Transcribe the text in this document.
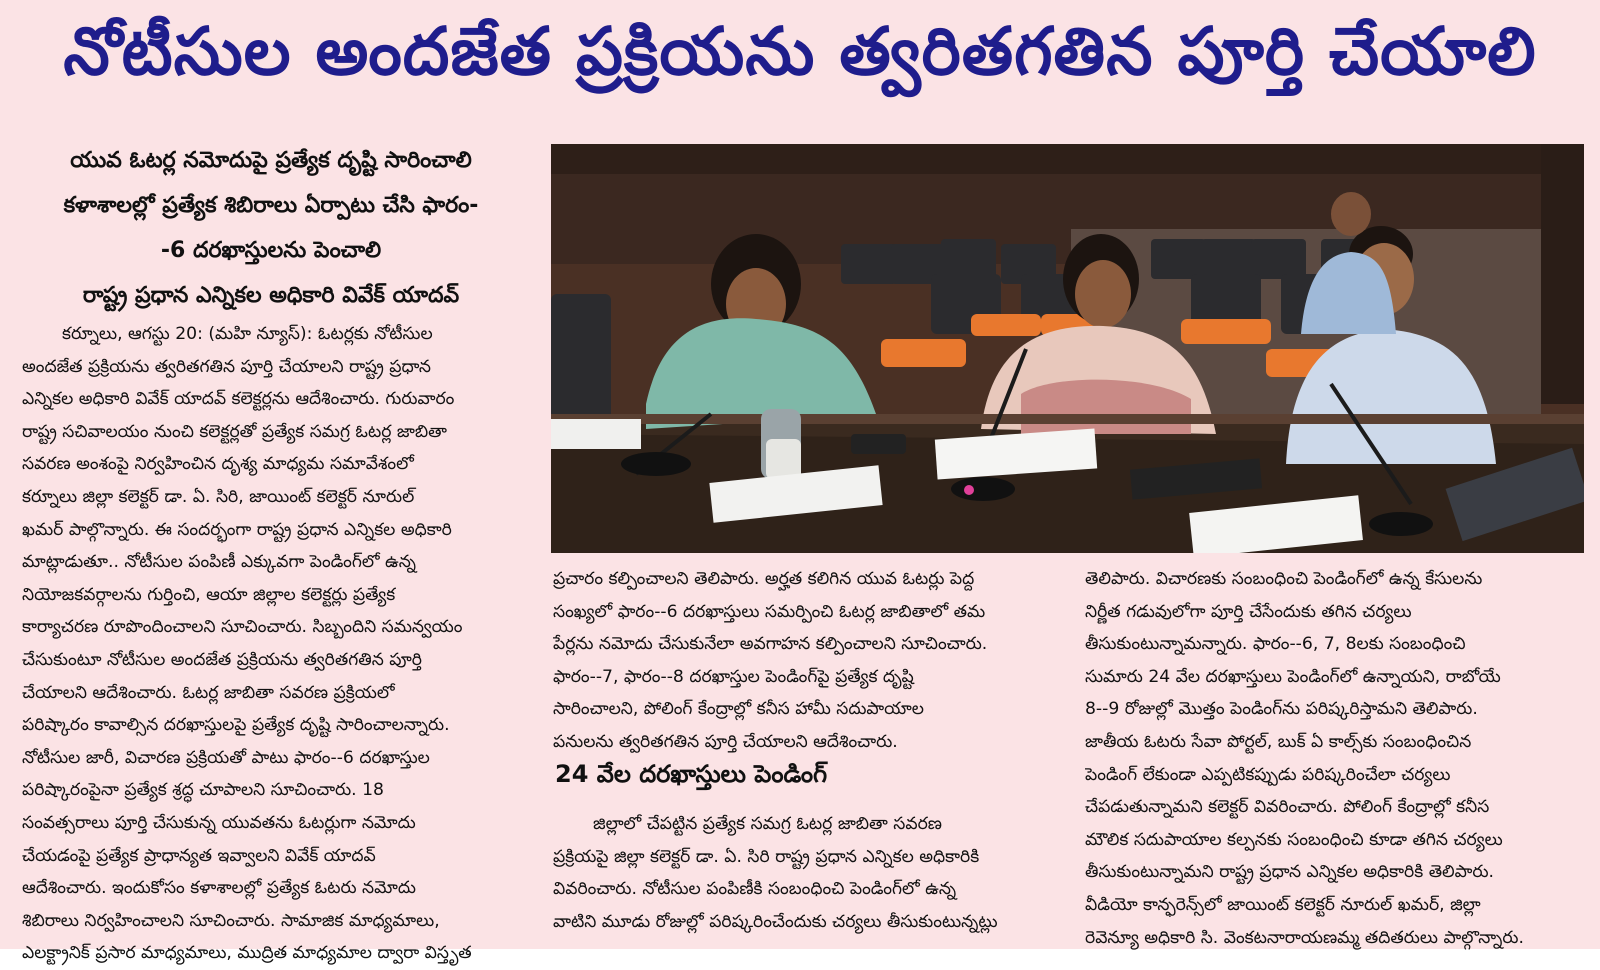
నోటీసుల అందజేత ప్రక్రియను త్వరితగతిన పూర్తి చేయాలి
యువ ఓటర్ల నమోదుపై ప్రత్యేక దృష్టి సారించాలి
కళాశాలల్లో ప్రత్యేక శిబిరాలు ఏర్పాటు చేసి ఫారం-
-6 దరఖాస్తులను పెంచాలి
రాష్ట్ర ప్రధాన ఎన్నికల అధికారి వివేక్ యాదవ్
కర్నూలు, ఆగస్టు 20: (మహి న్యూస్): ఓటర్లకు నోటీసుల
అందజేత ప్రక్రియను త్వరితగతిన పూర్తి చేయాలని రాష్ట్ర ప్రధాన
ఎన్నికల అధికారి వివేక్ యాదవ్ కలెక్టర్లను ఆదేశించారు. గురువారం
రాష్ట్ర సచివాలయం నుంచి కలెక్టర్లతో ప్రత్యేక సమగ్ర ఓటర్ల జాబితా
సవరణ అంశంపై నిర్వహించిన దృశ్య మాధ్యమ సమావేశంలో
కర్నూలు జిల్లా కలెక్టర్ డా. ఏ. సిరి, జాయింట్ కలెక్టర్ నూరుల్
ఖమర్ పాల్గొన్నారు. ఈ సందర్భంగా రాష్ట్ర ప్రధాన ఎన్నికల అధికారి
మాట్లాడుతూ.. నోటీసుల పంపిణీ ఎక్కువగా పెండింగ్‌లో ఉన్న
నియోజకవర్గాలను గుర్తించి, ఆయా జిల్లాల కలెక్టర్లు ప్రత్యేక
కార్యాచరణ రూపొందించాలని సూచించారు. సిబ్బందిని సమన్వయం
చేసుకుంటూ నోటీసుల అందజేత ప్రక్రియను త్వరితగతిన పూర్తి
చేయాలని ఆదేశించారు. ఓటర్ల జాబితా సవరణ ప్రక్రియలో
పరిష్కారం కావాల్సిన దరఖాస్తులపై ప్రత్యేక దృష్టి సారించాలన్నారు.
నోటీసుల జారీ, విచారణ ప్రక్రియతో పాటు ఫారం--6 దరఖాస్తుల
పరిష్కారంపైనా ప్రత్యేక శ్రద్ధ చూపాలని సూచించారు. 18
సంవత్సరాలు పూర్తి చేసుకున్న యువతను ఓటర్లుగా నమోదు
చేయడంపై ప్రత్యేక ప్రాధాన్యత ఇవ్వాలని వివేక్ యాదవ్
ఆదేశించారు. ఇందుకోసం కళాశాలల్లో ప్రత్యేక ఓటరు నమోదు
శిబిరాలు నిర్వహించాలని సూచించారు. సామాజిక మాధ్యమాలు,
ఎలక్ట్రానిక్ ప్రసార మాధ్యమాలు, ముద్రిత మాధ్యమాల ద్వారా విస్తృత
ప్రచారం కల్పించాలని తెలిపారు. అర్హత కలిగిన యువ ఓటర్లు పెద్ద
సంఖ్యలో ఫారం--6 దరఖాస్తులు సమర్పించి ఓటర్ల జాబితాలో తమ
పేర్లను నమోదు చేసుకునేలా అవగాహన కల్పించాలని సూచించారు.
ఫారం--7, ఫారం--8 దరఖాస్తుల పెండింగ్‌పై ప్రత్యేక దృష్టి
సారించాలని, పోలింగ్ కేంద్రాల్లో కనీస హామీ సదుపాయాల
పనులను త్వరితగతిన పూర్తి చేయాలని ఆదేశించారు.
24 వేల దరఖాస్తులు పెండింగ్
జిల్లాలో చేపట్టిన ప్రత్యేక సమగ్ర ఓటర్ల జాబితా సవరణ
ప్రక్రియపై జిల్లా కలెక్టర్ డా. ఏ. సిరి రాష్ట్ర ప్రధాన ఎన్నికల అధికారికి
వివరించారు. నోటీసుల పంపిణీకి సంబంధించి పెండింగ్‌లో ఉన్న
వాటిని మూడు రోజుల్లో పరిష్కరించేందుకు చర్యలు తీసుకుంటున్నట్లు
తెలిపారు. విచారణకు సంబంధించి పెండింగ్‌లో ఉన్న కేసులను
నిర్ణీత గడువులోగా పూర్తి చేసేందుకు తగిన చర్యలు
తీసుకుంటున్నామన్నారు. ఫారం--6, 7, 8లకు సంబంధించి
సుమారు 24 వేల దరఖాస్తులు పెండింగ్‌లో ఉన్నాయని, రాబోయే
8--9 రోజుల్లో మొత్తం పెండింగ్‌ను పరిష్కరిస్తామని తెలిపారు.
జాతీయ ఓటరు సేవా పోర్టల్, బుక్ ఏ కాల్స్‌కు సంబంధించిన
పెండింగ్ లేకుండా ఎప్పటికప్పుడు పరిష్కరించేలా చర్యలు
చేపడుతున్నామని కలెక్టర్ వివరించారు. పోలింగ్ కేంద్రాల్లో కనీస
మౌలిక సదుపాయాల కల్పనకు సంబంధించి కూడా తగిన చర్యలు
తీసుకుంటున్నామని రాష్ట్ర ప్రధాన ఎన్నికల అధికారికి తెలిపారు.
వీడియో కాన్ఫరెన్స్‌లో జాయింట్ కలెక్టర్ నూరుల్ ఖమర్, జిల్లా
రెవెన్యూ అధికారి సి. వెంకటనారాయణమ్మ తదితరులు పాల్గొన్నారు.
